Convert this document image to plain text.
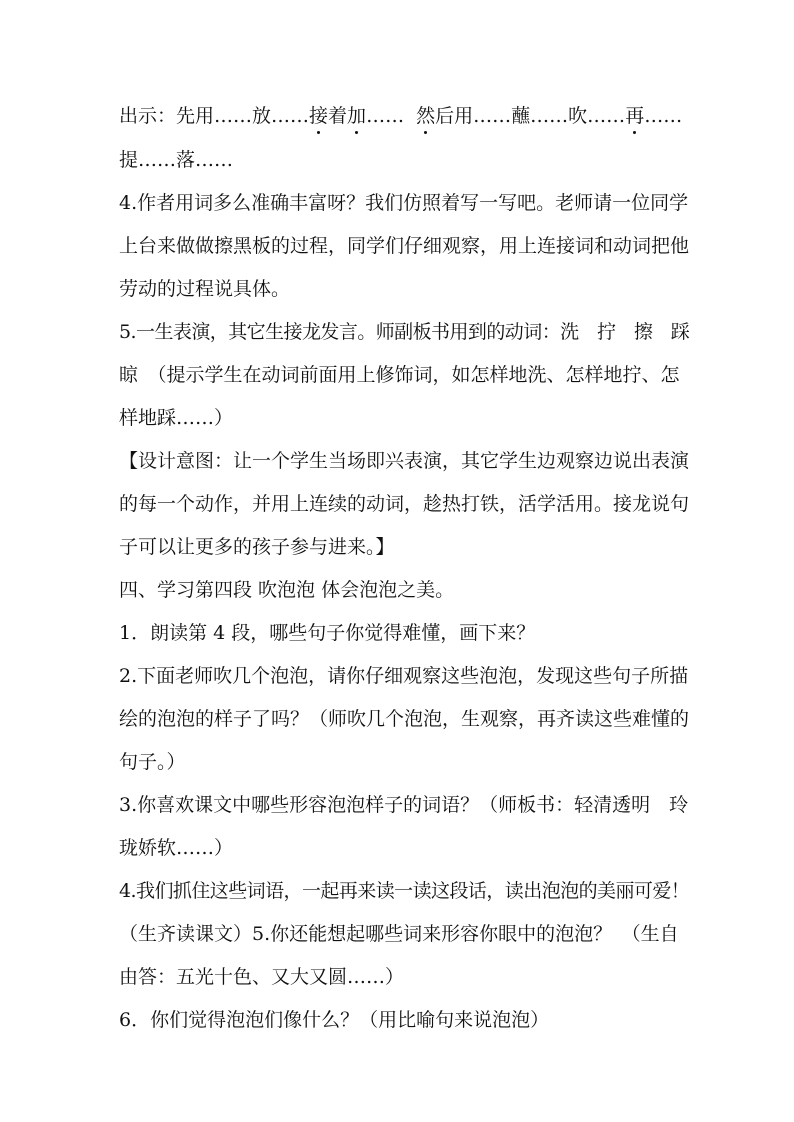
出示：先用……放……接着加……  然后用……蘸……吹……再……
提……落……
4.作者用词多么准确丰富呀？我们仿照着写一写吧。老师请一位同学
上台来做做擦黑板的过程，同学们仔细观察，用上连接词和动词把他
劳动的过程说具体。
5.一生表演，其它生接龙发言。师副板书用到的动词：洗　拧　擦　踩
晾　（提示学生在动词前面用上修饰词，如怎样地洗、怎样地拧、怎
样地踩……）
【设计意图：让一个学生当场即兴表演，其它学生边观察边说出表演
的每一个动作，并用上连续的动词，趁热打铁，活学活用。接龙说句
子可以让更多的孩子参与进来。】
四、学习第四段 吹泡泡 体会泡泡之美。
1．朗读第 4 段，哪些句子你觉得难懂，画下来？
2.下面老师吹几个泡泡，请你仔细观察这些泡泡，发现这些句子所描
绘的泡泡的样子了吗？（师吹几个泡泡，生观察，再齐读这些难懂的
句子。）
3.你喜欢课文中哪些形容泡泡样子的词语？（师板书：轻清透明　玲
珑娇软……）
4.我们抓住这些词语，一起再来读一读这段话，读出泡泡的美丽可爱！
（生齐读课文）5.你还能想起哪些词来形容你眼中的泡泡？　（生自
由答：五光十色、又大又圆……）
6．你们觉得泡泡们像什么？（用比喻句来说泡泡）
